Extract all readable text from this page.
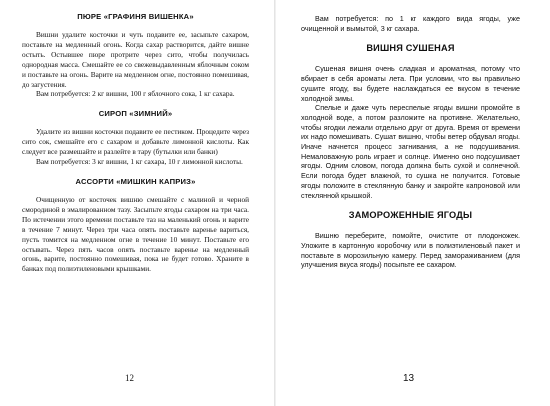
ПЮРЕ «ГРАФИНЯ ВИШЕНКА»

Вишни удалите косточки и чуть подавите ее, засыпьте сахаром, поставьте на медленный огонь. Когда сахар растворится, дайте вишне остыть. Остывшее пюре протрите через сито, чтобы получилась однородная масса. Смешайте ее со свежевыдавленным яблочным соком и поставьте на огонь. Варите на медленном огне, постоянно помешивая, до загустения.

Вам потребуется: 2 кг вишни, 100 г яблочного сока, 1 кг сахара.

СИРОП «ЗИМНИЙ»

Удалите из вишни косточки подавите ее пестиком. Процедите через сито сок, смешайте его с сахаром и добавьте лимонной кислоты. Как следует все размешайте и разлейте в тару (бутылки или банки)

Вам потребуется: 3 кг вишни, 1 кг сахара, 10 г лимонной кислоты.

АССОРТИ «МИШКИН КАПРИЗ»

Очищенную от косточек вишню смешайте с малиной и черной смородиной в эмалированном тазу. Засыпьте ягоды сахаром на три часа. По истечении этого времени поставьте таз на маленький огонь и варите в течение 7 минут. Через три часа опять поставьте варенье вариться, пусть томится на медленном огне в течение 10 минут. Поставьте его остывать. Через пять часов опять поставьте варенье на медленный огонь, варите, постоянно помешивая, пока не будет готово. Храните в банках под полиэтиленовыми крышками.

12

Вам потребуется: по 1 кг каждого вида ягоды, уже очищенной и вымытой, 3 кг сахара.

ВИШНЯ СУШЕНАЯ

Сушеная вишня очень сладкая и ароматная, потому что вбирает в себя ароматы лета. При условии, что вы правильно сушите ягоду, вы будете наслаждаться ее вкусом в течение холодной зимы.

Спелые и даже чуть переспелые ягоды вишни промойте в холодной воде, а потом разложите на противне. Желательно, чтобы ягодки лежали отдельно друг от друга. Время от времени их надо помешивать. Сушат вишню, чтобы ветер обдувал ягоды. Иначе начнется процесс загнивания, а не подсушивания. Немаловажную роль играет и солнце. Именно оно подсушивает ягоды. Одним словом, погода должна быть сухой и солнечной. Если погода будет влажной, то сушка не получится. Готовые ягоды положите в стеклянную банку и закройте капроновой или стеклянной крышкой.

ЗАМОРОЖЕННЫЕ ЯГОДЫ

Вишню переберите, помойте, очистите от плодоножек. Уложите в картонную коробочку или в полиэтиленовый пакет и поставьте в морозильную камеру. Перед замораживанием (для улучшения вкуса ягоды) посыпьте ее сахаром.

13
